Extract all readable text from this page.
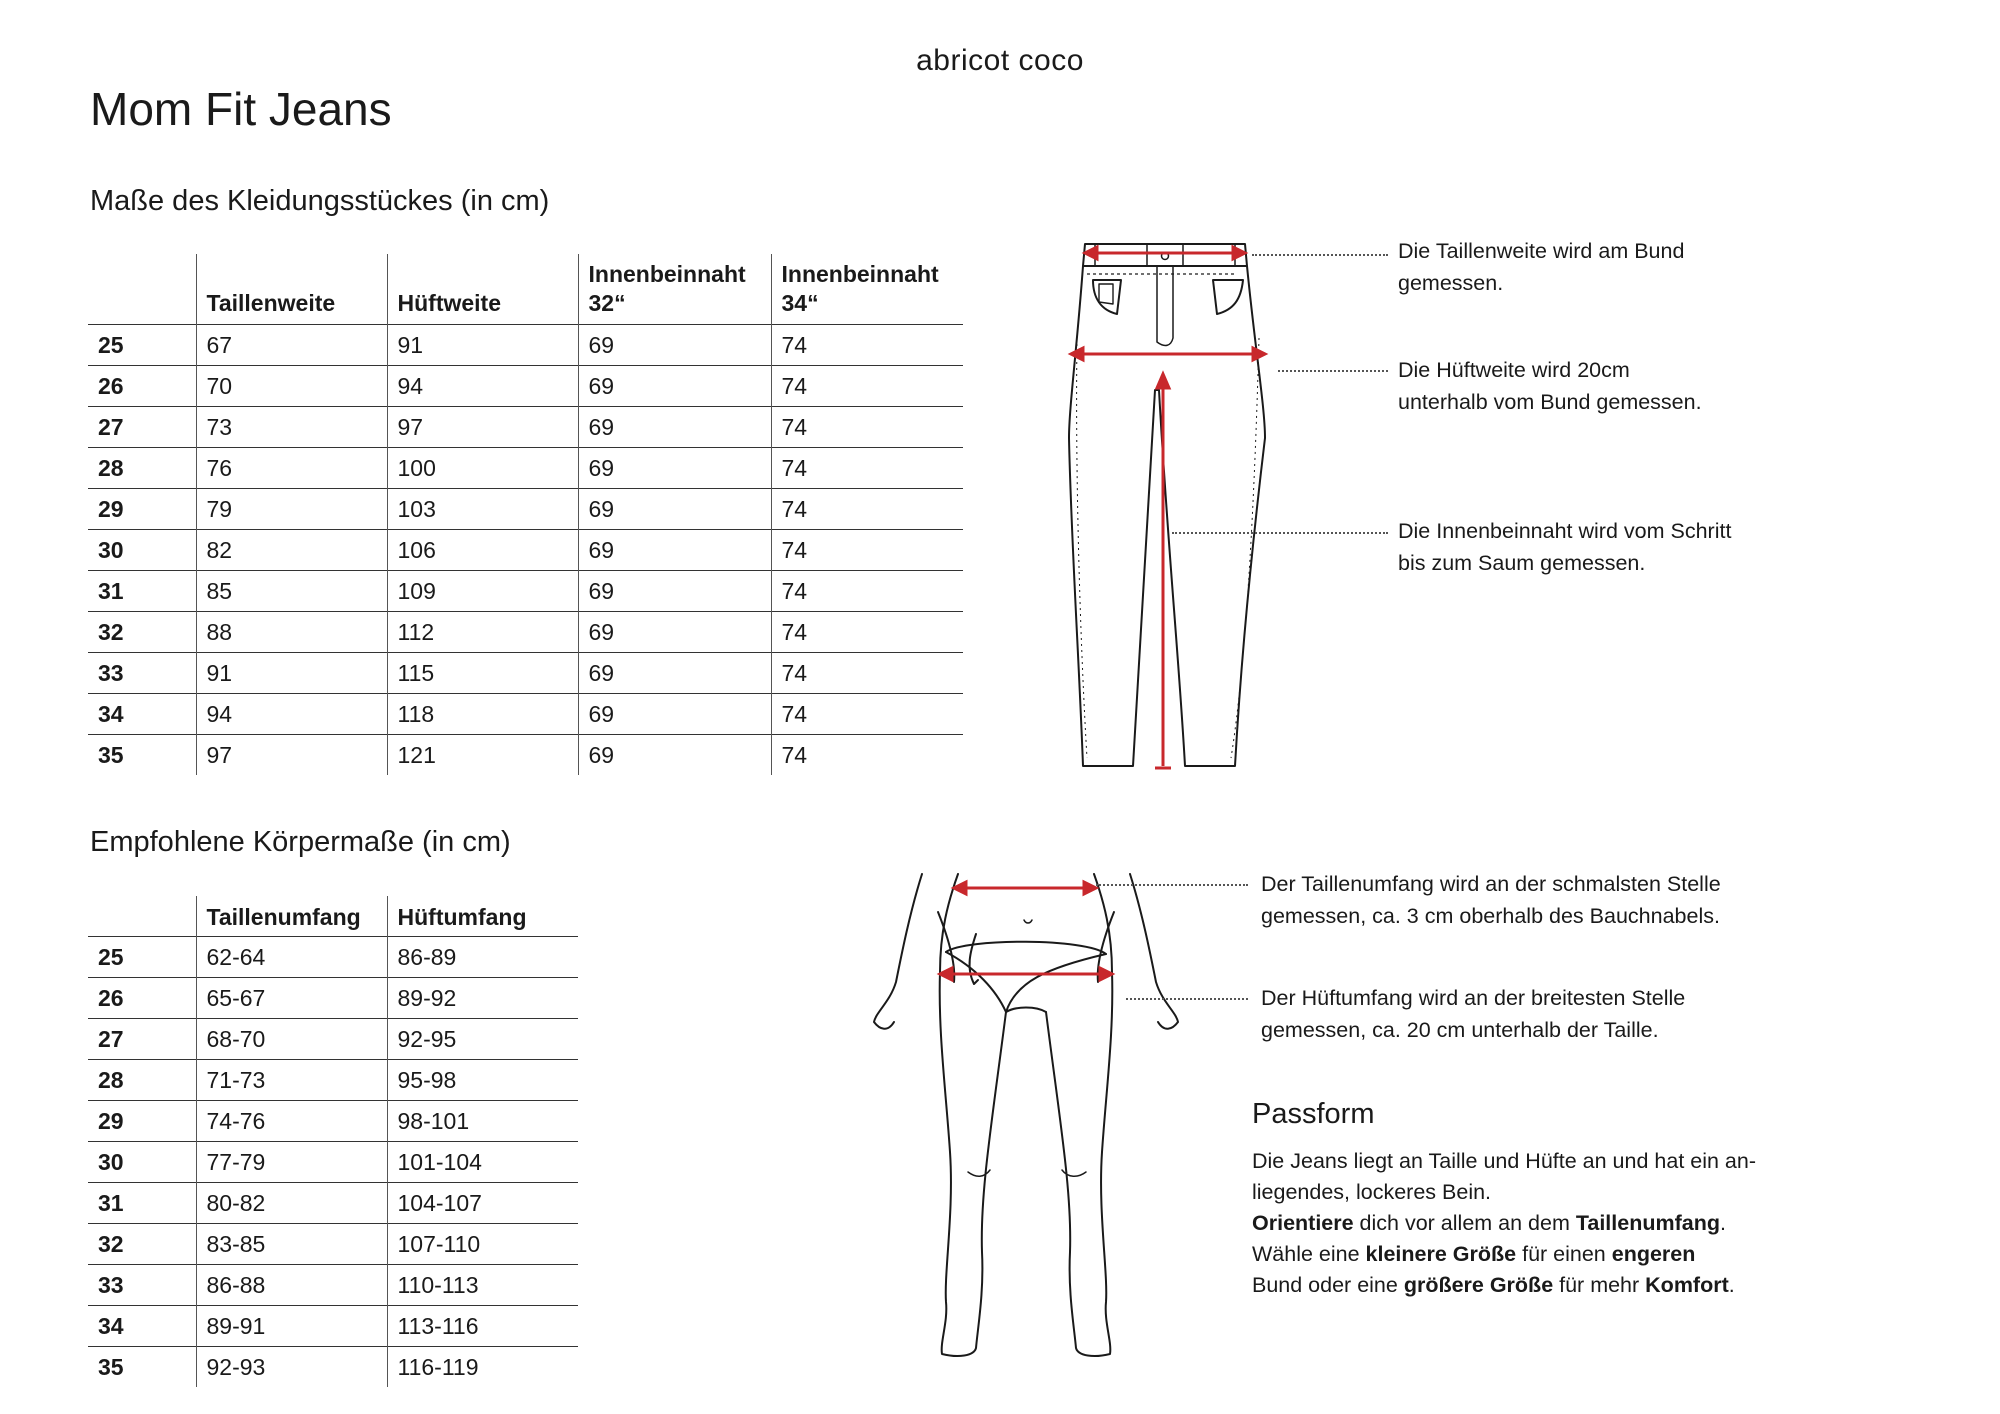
abricot coco
Mom Fit Jeans
Maße des Kleidungsstückes (in cm)
	Taillenweite	Hüftweite	Innenbeinnaht 32“	Innenbeinnaht 34“
25	67	91	69	74
26	70	94	69	74
27	73	97	69	74
28	76	100	69	74
29	79	103	69	74
30	82	106	69	74
31	85	109	69	74
32	88	112	69	74
33	91	115	69	74
34	94	118	69	74
35	97	121	69	74
Empfohlene Körpermaße (in cm)
	Taillenumfang	Hüftumfang
25	62-64	86-89
26	65-67	89-92
27	68-70	92-95
28	71-73	95-98
29	74-76	98-101
30	77-79	101-104
31	80-82	104-107
32	83-85	107-110
33	86-88	110-113
34	89-91	113-116
35	92-93	116-119
Die Taillenweite wird am Bund
gemessen.
Die Hüftweite wird 20cm
unterhalb vom Bund gemessen.
Die Innenbeinnaht wird vom Schritt
bis zum Saum gemessen.
Der Taillenumfang wird an der schmalsten Stelle
gemessen, ca. 3 cm oberhalb des Bauchnabels.
Der Hüftumfang wird an der breitesten Stelle
gemessen, ca. 20 cm unterhalb der Taille.
Passform

Die Jeans liegt an Taille und Hüfte an und hat ein an-

liegendes, lockeres Bein.

Orientiere dich vor allem an dem Taillenumfang.

Wähle eine kleinere Größe für einen engeren

Bund oder eine größere Größe für mehr Komfort.
